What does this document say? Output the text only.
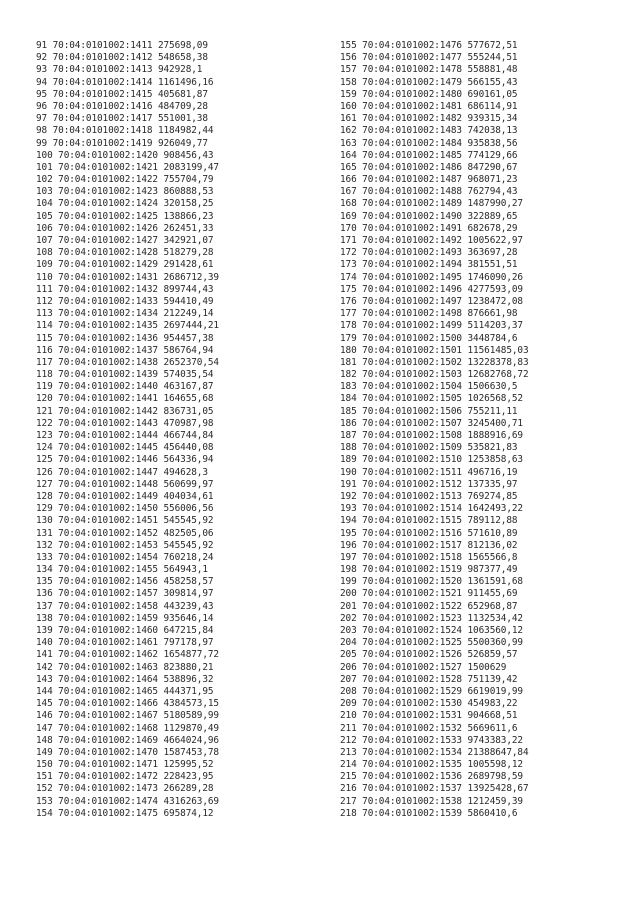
91 70:04:0101002:1411 275698,09
92 70:04:0101002:1412 548658,38
93 70:04:0101002:1413 942928,1
94 70:04:0101002:1414 1161496,16
95 70:04:0101002:1415 405681,87
96 70:04:0101002:1416 484709,28
97 70:04:0101002:1417 551001,38
98 70:04:0101002:1418 1184982,44
99 70:04:0101002:1419 926049,77
100 70:04:0101002:1420 908456,43
101 70:04:0101002:1421 2083199,47
102 70:04:0101002:1422 755704,79
103 70:04:0101002:1423 860888,53
104 70:04:0101002:1424 320158,25
105 70:04:0101002:1425 138866,23
106 70:04:0101002:1426 262451,33
107 70:04:0101002:1427 342921,07
108 70:04:0101002:1428 518279,28
109 70:04:0101002:1429 291428,61
110 70:04:0101002:1431 2686712,39
111 70:04:0101002:1432 899744,43
112 70:04:0101002:1433 594410,49
113 70:04:0101002:1434 212249,14
114 70:04:0101002:1435 2697444,21
115 70:04:0101002:1436 954457,38
116 70:04:0101002:1437 586764,94
117 70:04:0101002:1438 2652370,54
118 70:04:0101002:1439 574035,54
119 70:04:0101002:1440 463167,87
120 70:04:0101002:1441 164655,68
121 70:04:0101002:1442 836731,05
122 70:04:0101002:1443 470987,98
123 70:04:0101002:1444 466744,84
124 70:04:0101002:1445 456440,08
125 70:04:0101002:1446 564336,94
126 70:04:0101002:1447 494628,3
127 70:04:0101002:1448 560699,97
128 70:04:0101002:1449 404034,61
129 70:04:0101002:1450 556006,56
130 70:04:0101002:1451 545545,92
131 70:04:0101002:1452 482505,06
132 70:04:0101002:1453 545545,92
133 70:04:0101002:1454 760218,24
134 70:04:0101002:1455 564943,1
135 70:04:0101002:1456 458258,57
136 70:04:0101002:1457 309814,97
137 70:04:0101002:1458 443239,43
138 70:04:0101002:1459 935646,14
139 70:04:0101002:1460 647215,84
140 70:04:0101002:1461 797178,97
141 70:04:0101002:1462 1654877,72
142 70:04:0101002:1463 823880,21
143 70:04:0101002:1464 538896,32
144 70:04:0101002:1465 444371,95
145 70:04:0101002:1466 4384573,15
146 70:04:0101002:1467 5180589,99
147 70:04:0101002:1468 1129870,49
148 70:04:0101002:1469 4664024,96
149 70:04:0101002:1470 1587453,78
150 70:04:0101002:1471 125995,52
151 70:04:0101002:1472 228423,95
152 70:04:0101002:1473 266289,28
153 70:04:0101002:1474 4316263,69
154 70:04:0101002:1475 695874,12
155 70:04:0101002:1476 577672,51
156 70:04:0101002:1477 555244,51
157 70:04:0101002:1478 558881,48
158 70:04:0101002:1479 566155,43
159 70:04:0101002:1480 690161,05
160 70:04:0101002:1481 686114,91
161 70:04:0101002:1482 939315,34
162 70:04:0101002:1483 742038,13
163 70:04:0101002:1484 935838,56
164 70:04:0101002:1485 774129,66
165 70:04:0101002:1486 847290,67
166 70:04:0101002:1487 968071,23
167 70:04:0101002:1488 762794,43
168 70:04:0101002:1489 1487990,27
169 70:04:0101002:1490 322889,65
170 70:04:0101002:1491 682678,29
171 70:04:0101002:1492 1005622,97
172 70:04:0101002:1493 363697,28
173 70:04:0101002:1494 381551,51
174 70:04:0101002:1495 1746090,26
175 70:04:0101002:1496 4277593,09
176 70:04:0101002:1497 1238472,08
177 70:04:0101002:1498 876661,98
178 70:04:0101002:1499 5114203,37
179 70:04:0101002:1500 3448784,6
180 70:04:0101002:1501 11561485,03
181 70:04:0101002:1502 13228378,83
182 70:04:0101002:1503 12682768,72
183 70:04:0101002:1504 1506630,5
184 70:04:0101002:1505 1026568,52
185 70:04:0101002:1506 755211,11
186 70:04:0101002:1507 3245400,71
187 70:04:0101002:1508 1888916,69
188 70:04:0101002:1509 535821,83
189 70:04:0101002:1510 1253858,63
190 70:04:0101002:1511 496716,19
191 70:04:0101002:1512 137335,97
192 70:04:0101002:1513 769274,85
193 70:04:0101002:1514 1642493,22
194 70:04:0101002:1515 789112,88
195 70:04:0101002:1516 571610,89
196 70:04:0101002:1517 812136,02
197 70:04:0101002:1518 1565566,8
198 70:04:0101002:1519 987377,49
199 70:04:0101002:1520 1361591,68
200 70:04:0101002:1521 911455,69
201 70:04:0101002:1522 652968,87
202 70:04:0101002:1523 1132534,42
203 70:04:0101002:1524 1063560,12
204 70:04:0101002:1525 5500360,99
205 70:04:0101002:1526 526859,57
206 70:04:0101002:1527 1500629
207 70:04:0101002:1528 751139,42
208 70:04:0101002:1529 6619019,99
209 70:04:0101002:1530 454983,22
210 70:04:0101002:1531 904668,51
211 70:04:0101002:1532 5669611,6
212 70:04:0101002:1533 9743383,22
213 70:04:0101002:1534 21388647,84
214 70:04:0101002:1535 1005598,12
215 70:04:0101002:1536 2689798,59
216 70:04:0101002:1537 13925428,67
217 70:04:0101002:1538 1212459,39
218 70:04:0101002:1539 5860410,6
